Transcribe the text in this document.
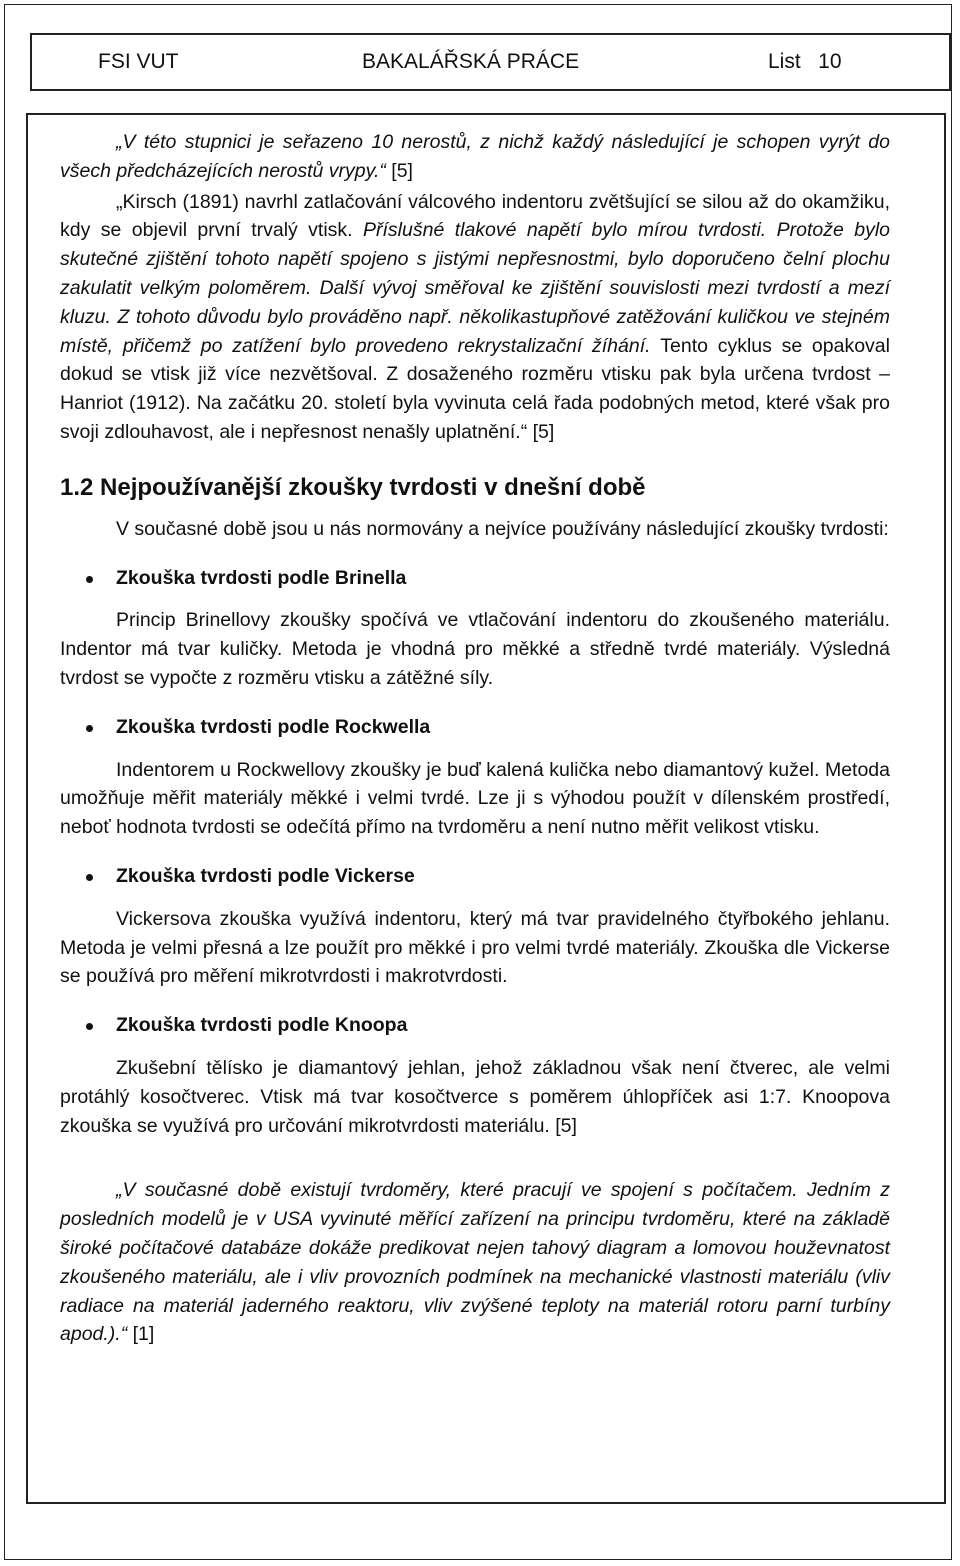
FSI VUT	BAKALÁŘSKÁ PRÁCE	List   10

„V této stupnici je seřazeno 10 nerostů, z nichž každý následující je schopen vyrýt do všech předcházejících nerostů vrypy.“ [5]

„Kirsch (1891) navrhl zatlačování válcového indentoru zvětšující se silou až do okamžiku, kdy se objevil první trvalý vtisk. Příslušné tlakové napětí bylo mírou tvrdosti. Protože bylo skutečné zjištění tohoto napětí spojeno s jistými nepřesnostmi, bylo doporučeno čelní plochu zakulatit velkým poloměrem. Další vývoj směřoval ke zjištění souvislosti mezi tvrdostí a mezí kluzu. Z tohoto důvodu bylo prováděno např. několikastupňové zatěžování kuličkou ve stejném místě, přičemž po zatížení bylo provedeno rekrystalizační žíhání. Tento cyklus se opakoval dokud se vtisk již více nezvětšoval. Z dosaženého rozměru vtisku pak byla určena tvrdost – Hanriot (1912). Na začátku 20. století byla vyvinuta celá řada podobných metod, které však pro svoji zdlouhavost, ale i nepřesnost nenašly uplatnění.“ [5]

1.2 Nejpoužívanější zkoušky tvrdosti v dnešní době

V současné době jsou u nás normovány a nejvíce používány následující zkoušky tvrdosti:

Zkouška tvrdosti podle Brinella

Princip Brinellovy zkoušky spočívá ve vtlačování indentoru do zkoušeného materiálu. Indentor má tvar kuličky. Metoda je vhodná pro měkké a středně tvrdé materiály. Výsledná tvrdost se vypočte z rozměru vtisku a zátěžné síly.

Zkouška tvrdosti podle Rockwella

Indentorem u Rockwellovy zkoušky je buď kalená kulička nebo diamantový kužel. Metoda umožňuje měřit materiály měkké i velmi tvrdé. Lze ji s výhodou použít v dílenském prostředí, neboť hodnota tvrdosti se odečítá přímo na tvrdoměru a není nutno měřit velikost vtisku.

Zkouška tvrdosti podle Vickerse

Vickersova zkouška využívá indentoru, který má tvar pravidelného čtyřbokého jehlanu. Metoda je velmi přesná a lze použít pro měkké i pro velmi tvrdé materiály. Zkouška dle Vickerse se používá pro měření mikrotvrdosti i makrotvrdosti.

Zkouška tvrdosti podle Knoopa

Zkušební tělísko je diamantový jehlan, jehož základnou však není čtverec, ale velmi protáhlý kosočtverec. Vtisk má tvar kosočtverce s poměrem úhlopříček asi 1:7. Knoopova zkouška se využívá pro určování mikrotvrdosti materiálu. [5]

„V současné době existují tvrdoměry, které pracují ve spojení s počítačem. Jedním z posledních modelů je v USA vyvinuté měřící zařízení na principu tvrdoměru, které na základě široké počítačové databáze dokáže predikovat nejen tahový diagram a lomovou houževnatost zkoušeného materiálu, ale i vliv provozních podmínek na mechanické vlastnosti materiálu (vliv radiace na materiál jaderného reaktoru, vliv zvýšené teploty na materiál rotoru parní turbíny apod.).“ [1]
